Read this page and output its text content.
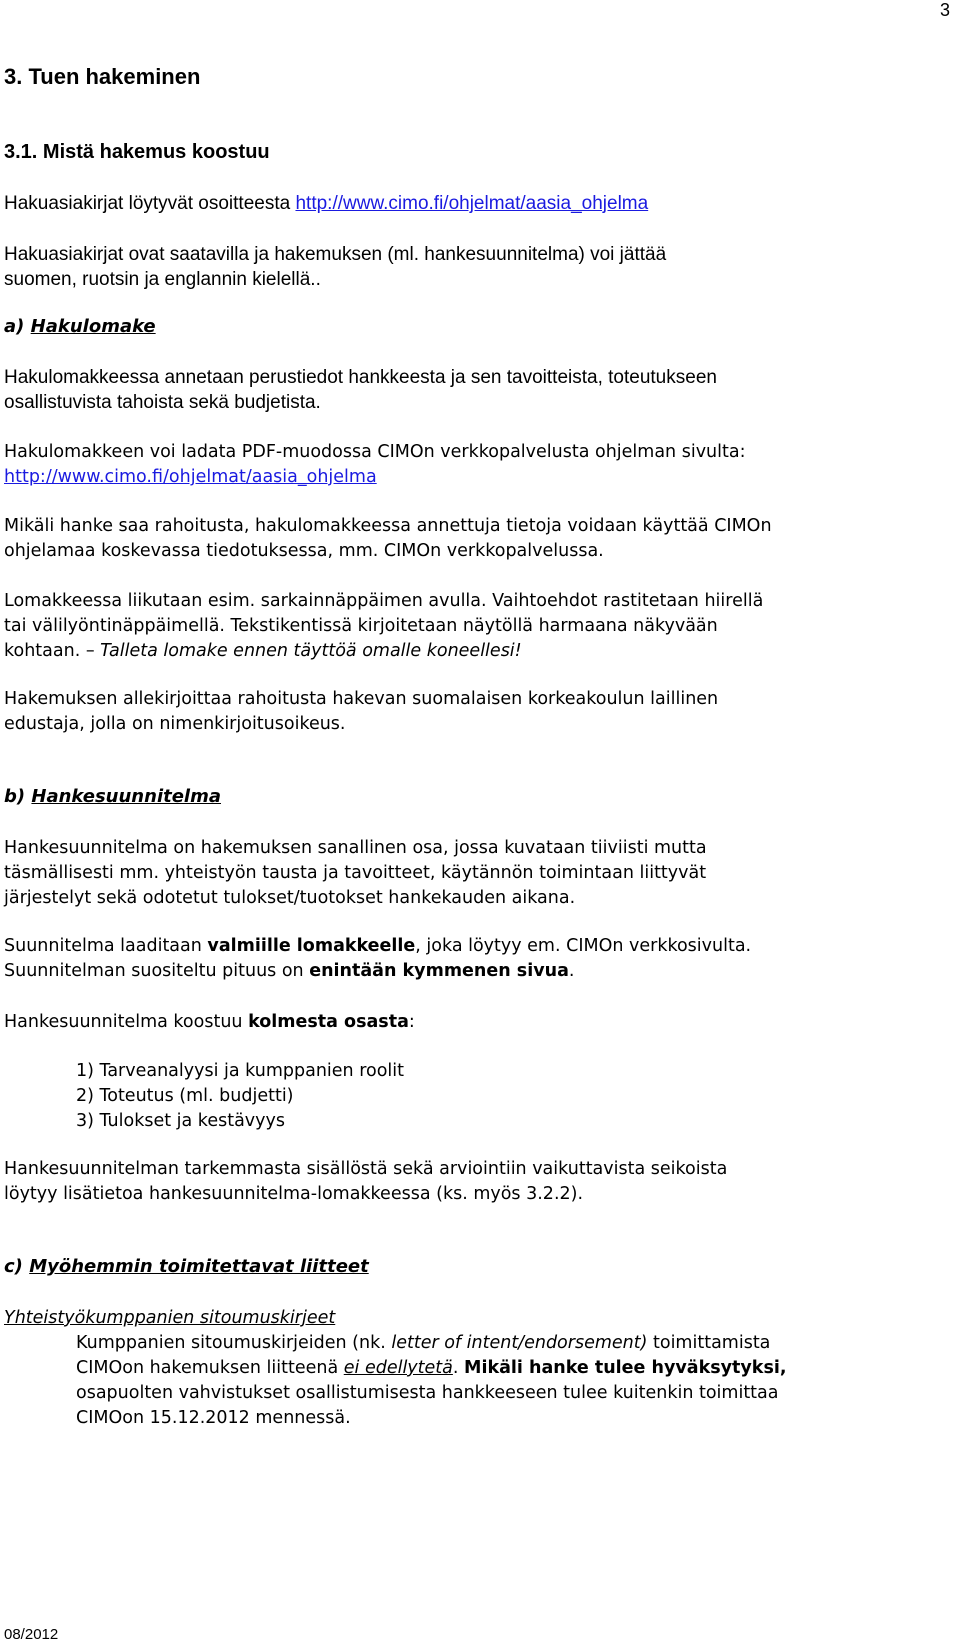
3
3. Tuen hakeminen
3.1. Mistä hakemus koostuu
Hakuasiakirjat löytyvät osoitteesta http://www.cimo.fi/ohjelmat/aasia_ohjelma
Hakuasiakirjat ovat saatavilla ja hakemuksen (ml. hankesuunnitelma) voi jättää
suomen, ruotsin ja englannin kielellä..
a) Hakulomake
Hakulomakkeessa annetaan perustiedot hankkeesta ja sen tavoitteista, toteutukseen
osallistuvista tahoista sekä budjetista.
Hakulomakkeen voi ladata PDF-muodossa CIMOn verkkopalvelusta ohjelman sivulta:
http://www.cimo.fi/ohjelmat/aasia_ohjelma
Mikäli hanke saa rahoitusta, hakulomakkeessa annettuja tietoja voidaan käyttää CIMOn
ohjelamaa koskevassa tiedotuksessa, mm. CIMOn verkkopalvelussa.
Lomakkeessa liikutaan esim. sarkainnäppäimen avulla. Vaihtoehdot rastitetaan hiirellä
tai välilyöntinäppäimellä. Tekstikentissä kirjoitetaan näytöllä harmaana näkyvään
kohtaan. – Talleta lomake ennen täyttöä omalle koneellesi!
Hakemuksen allekirjoittaa rahoitusta hakevan suomalaisen korkeakoulun laillinen
edustaja, jolla on nimenkirjoitusoikeus.
b) Hankesuunnitelma
Hankesuunnitelma on hakemuksen sanallinen osa, jossa kuvataan tiiviisti mutta
täsmällisesti mm. yhteistyön tausta ja tavoitteet, käytännön toimintaan liittyvät
järjestelyt sekä odotetut tulokset/tuotokset hankekauden aikana.
Suunnitelma laaditaan valmiille lomakkeelle, joka löytyy em. CIMOn verkkosivulta.
Suunnitelman suositeltu pituus on enintään kymmenen sivua.
Hankesuunnitelma koostuu kolmesta osasta:
1) Tarveanalyysi ja kumppanien roolit
2) Toteutus (ml. budjetti)
3) Tulokset ja kestävyys
Hankesuunnitelman tarkemmasta sisällöstä sekä arviointiin vaikuttavista seikoista
löytyy lisätietoa hankesuunnitelma-lomakkeessa (ks. myös 3.2.2).
c) Myöhemmin toimitettavat liitteet
Yhteistyökumppanien sitoumuskirjeet
Kumppanien sitoumuskirjeiden (nk. letter of intent/endorsement) toimittamista
CIMOon hakemuksen liitteenä ei edellytetä. Mikäli hanke tulee hyväksytyksi,
osapuolten vahvistukset osallistumisesta hankkeeseen tulee kuitenkin toimittaa
CIMOon 15.12.2012 mennessä.
08/2012
